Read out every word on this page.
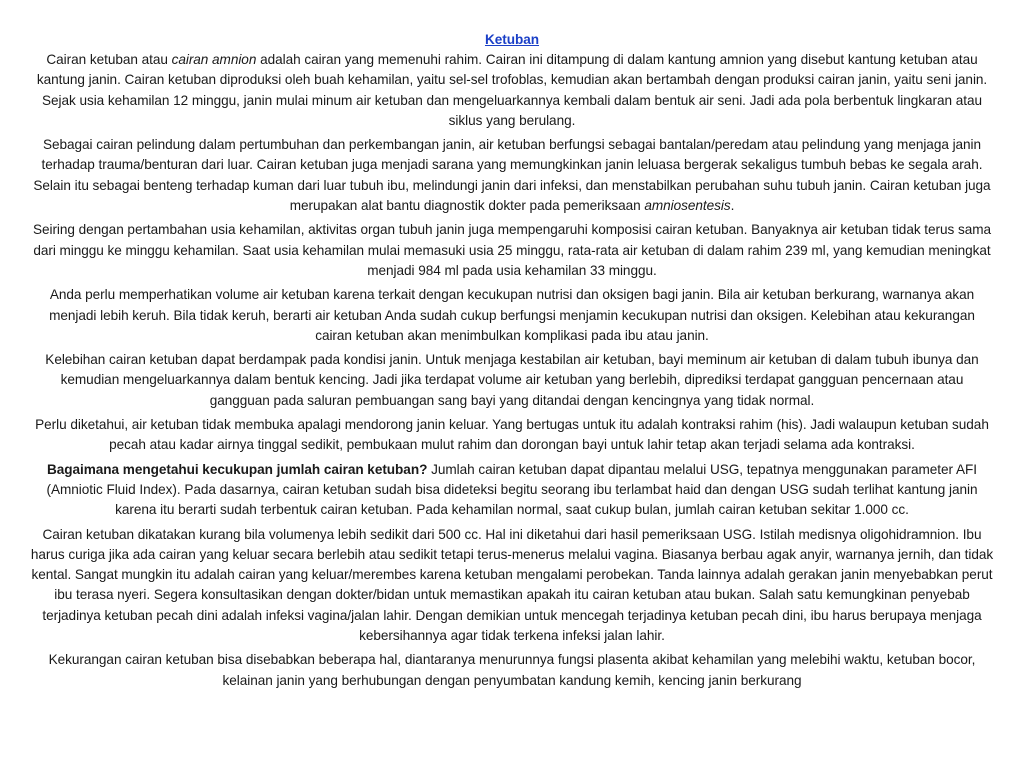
Ketuban

Cairan ketuban atau cairan amnion adalah cairan yang memenuhi rahim. Cairan ini ditampung di dalam kantung amnion yang disebut kantung ketuban atau kantung janin. Cairan ketuban diproduksi oleh buah kehamilan, yaitu sel-sel trofoblas, kemudian akan bertambah dengan produksi cairan janin, yaitu seni janin. Sejak usia kehamilan 12 minggu, janin mulai minum air ketuban dan mengeluarkannya kembali dalam bentuk air seni. Jadi ada pola berbentuk lingkaran atau siklus yang berulang.

Sebagai cairan pelindung dalam pertumbuhan dan perkembangan janin, air ketuban berfungsi sebagai bantalan/peredam atau pelindung yang menjaga janin terhadap trauma/benturan dari luar. Cairan ketuban juga menjadi sarana yang memungkinkan janin leluasa bergerak sekaligus tumbuh bebas ke segala arah. Selain itu sebagai benteng terhadap kuman dari luar tubuh ibu, melindungi janin dari infeksi, dan menstabilkan perubahan suhu tubuh janin. Cairan ketuban juga merupakan alat bantu diagnostik dokter pada pemeriksaan amniosentesis.

Seiring dengan pertambahan usia kehamilan, aktivitas organ tubuh janin juga mempengaruhi komposisi cairan ketuban. Banyaknya air ketuban tidak terus sama dari minggu ke minggu kehamilan. Saat usia kehamilan mulai memasuki usia 25 minggu, rata-rata air ketuban di dalam rahim 239 ml, yang kemudian meningkat menjadi 984 ml pada usia kehamilan 33 minggu.

Anda perlu memperhatikan volume air ketuban karena terkait dengan kecukupan nutrisi dan oksigen bagi janin. Bila air ketuban berkurang, warnanya akan menjadi lebih keruh. Bila tidak keruh, berarti air ketuban Anda sudah cukup berfungsi menjamin kecukupan nutrisi dan oksigen. Kelebihan atau kekurangan cairan ketuban akan menimbulkan komplikasi pada ibu atau janin.

Kelebihan cairan ketuban dapat berdampak pada kondisi janin. Untuk menjaga kestabilan air ketuban, bayi meminum air ketuban di dalam tubuh ibunya dan kemudian mengeluarkannya dalam bentuk kencing. Jadi jika terdapat volume air ketuban yang berlebih, diprediksi terdapat gangguan pencernaan atau gangguan pada saluran pembuangan sang bayi yang ditandai dengan kencingnya yang tidak normal.

Perlu diketahui, air ketuban tidak membuka apalagi mendorong janin keluar. Yang bertugas untuk itu adalah kontraksi rahim (his). Jadi walaupun ketuban sudah pecah atau kadar airnya tinggal sedikit, pembukaan mulut rahim dan dorongan bayi untuk lahir tetap akan terjadi selama ada kontraksi.

Bagaimana mengetahui kecukupan jumlah cairan ketuban? Jumlah cairan ketuban dapat dipantau melalui USG, tepatnya menggunakan parameter AFI (Amniotic Fluid Index). Pada dasarnya, cairan ketuban sudah bisa dideteksi begitu seorang ibu terlambat haid dan dengan USG sudah terlihat kantung janin karena itu berarti sudah terbentuk cairan ketuban. Pada kehamilan normal, saat cukup bulan, jumlah cairan ketuban sekitar 1.000 cc.

Cairan ketuban dikatakan kurang bila volumenya lebih sedikit dari 500 cc. Hal ini diketahui dari hasil pemeriksaan USG. Istilah medisnya oligohidramnion. Ibu harus curiga jika ada cairan yang keluar secara berlebih atau sedikit tetapi terus-menerus melalui vagina. Biasanya berbau agak anyir, warnanya jernih, dan tidak kental. Sangat mungkin itu adalah cairan yang keluar/merembes karena ketuban mengalami perobekan. Tanda lainnya adalah gerakan janin menyebabkan perut ibu terasa nyeri. Segera konsultasikan dengan dokter/bidan untuk memastikan apakah itu cairan ketuban atau bukan. Salah satu kemungkinan penyebab terjadinya ketuban pecah dini adalah infeksi vagina/jalan lahir. Dengan demikian untuk mencegah terjadinya ketuban pecah dini, ibu harus berupaya menjaga kebersihannya agar tidak terkena infeksi jalan lahir.

Kekurangan cairan ketuban bisa disebabkan beberapa hal, diantaranya menurunnya fungsi plasenta akibat kehamilan yang melebihi waktu, ketuban bocor, kelainan janin yang berhubungan dengan penyumbatan kandung kemih, kencing janin berkurang
